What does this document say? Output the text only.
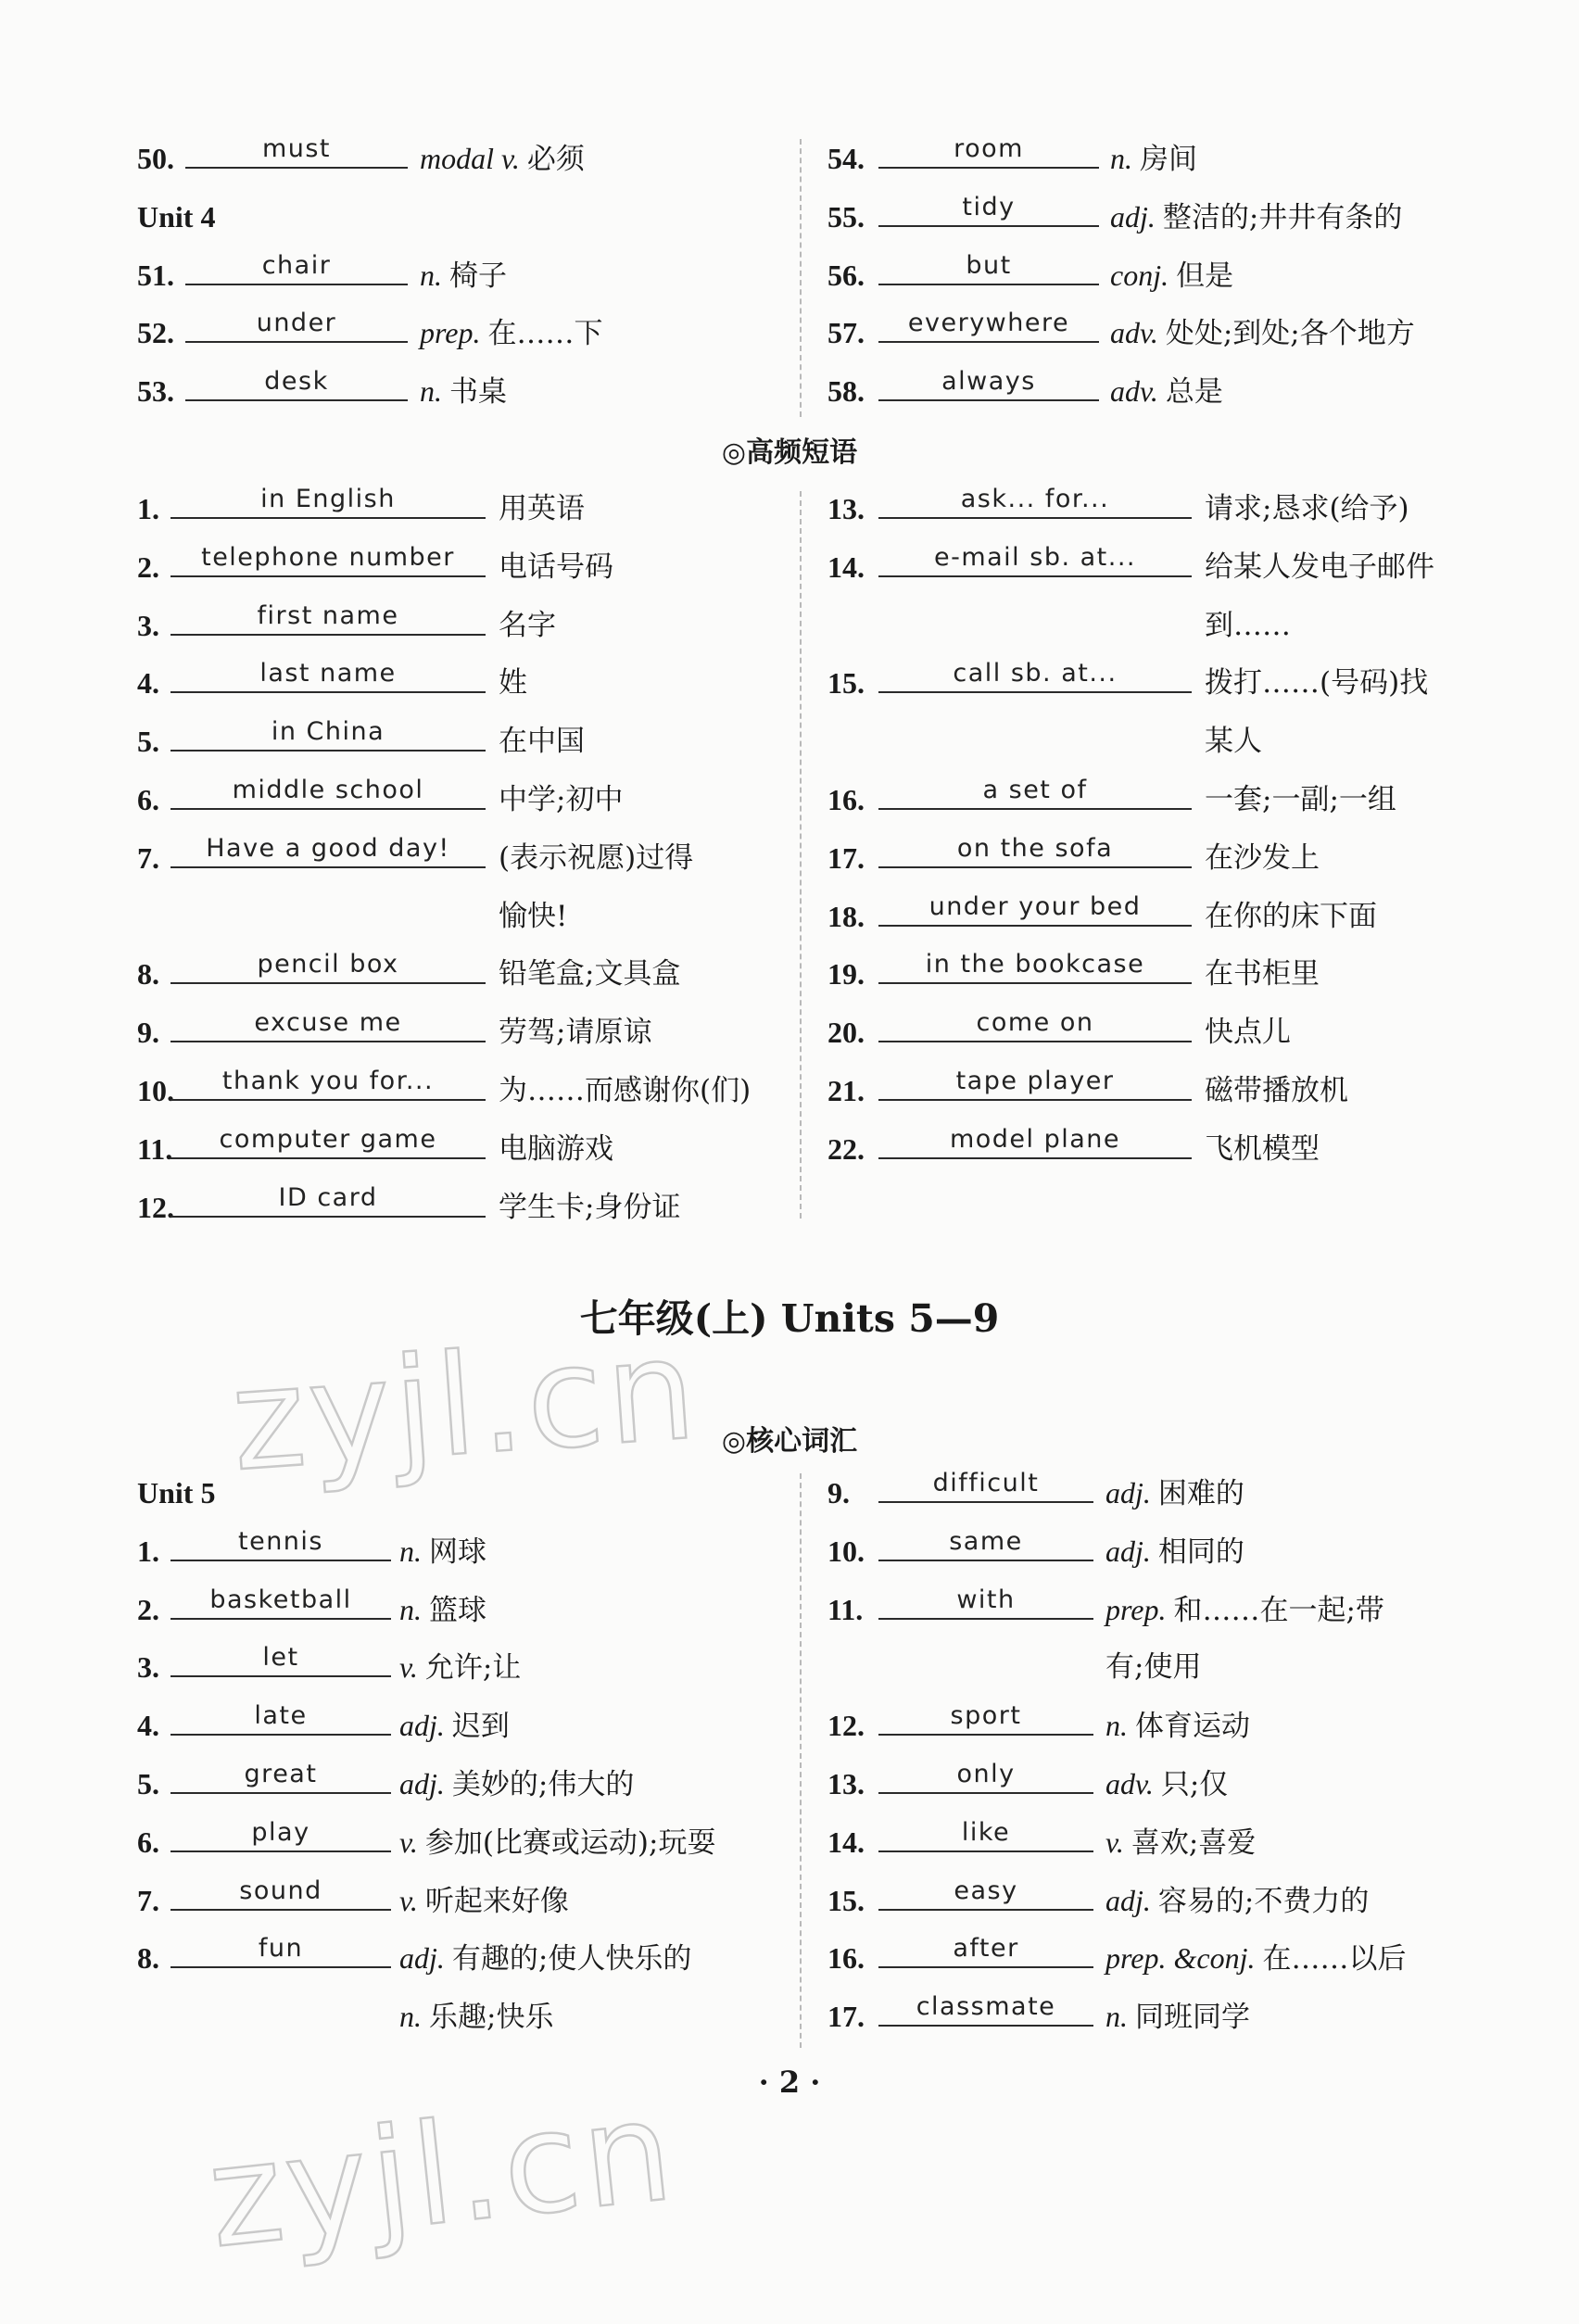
zyjl.cn
zyjl.cn
50.	must	modal v. 必须
Unit 4
51.	chair	n. 椅子
52.	under	prep. 在……下
53.	desk	n. 书桌
54.	room	n. 房间
55.	tidy	adj. 整洁的;井井有条的
56.	but	conj. 但是
57.	everywhere	adv. 处处;到处;各个地方
58.	always	adv. 总是
◎高频短语
1.	in English	用英语
2.	telephone number	电话号码
3.	first name	名字
4.	last name	姓
5.	in China	在中国
6.	middle school	中学;初中
7.	Have a good day!	(表示祝愿)过得
愉快!
8.	pencil box	铅笔盒;文具盒
9.	excuse me	劳驾;请原谅
10.	thank you for...	为……而感谢你(们)
11.	computer game	电脑游戏
12.	ID card	学生卡;身份证
13.	ask... for...	请求;恳求(给予)
14.	e-mail sb. at...	给某人发电子邮件
到……
15.	call sb. at...	拨打……(号码)找
某人
16.	a set of	一套;一副;一组
17.	on the sofa	在沙发上
18.	under your bed	在你的床下面
19.	in the bookcase	在书柜里
20.	come on	快点儿
21.	tape player	磁带播放机
22.	model plane	飞机模型
七年级(上) Units 5—9
◎核心词汇
Unit 5
1.	tennis	n. 网球
2.	basketball	n. 篮球
3.	let	v. 允许;让
4.	late	adj. 迟到
5.	great	adj. 美妙的;伟大的
6.	play	v. 参加(比赛或运动);玩耍
7.	sound	v. 听起来好像
8.	fun	adj. 有趣的;使人快乐的
n. 乐趣;快乐
9.	difficult	adj. 困难的
10.	same	adj. 相同的
11.	with	prep. 和……在一起;带
有;使用
12.	sport	n. 体育运动
13.	only	adv. 只;仅
14.	like	v. 喜欢;喜爱
15.	easy	adj. 容易的;不费力的
16.	after	prep. &conj. 在……以后
17.	classmate	n. 同班同学
· 2 ·
